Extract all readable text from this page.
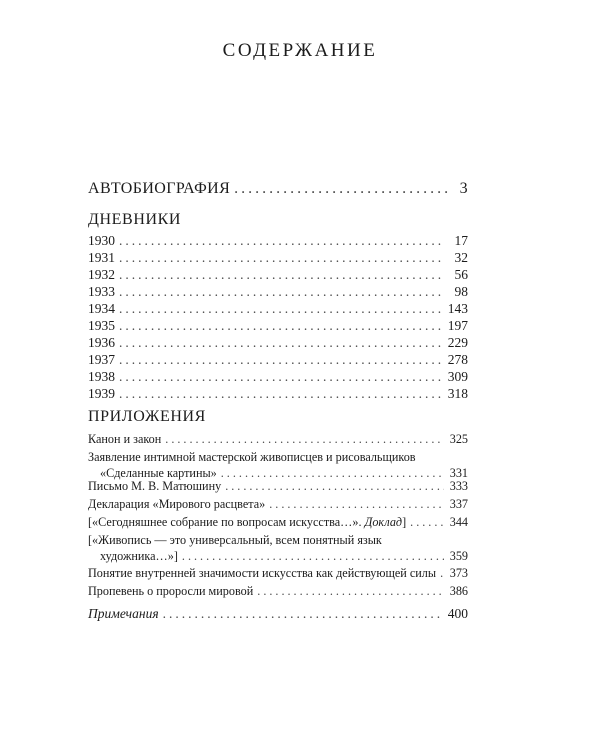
СОДЕРЖАНИЕ
АВТОБИОГРАФИЯ .....	3
ДНЕВНИКИ
1930 .....	17
1931 .....	32
1932 .....	56
1933 .....	98
1934 .....	143
1935 .....	197
1936 .....	229
1937 .....	278
1938 .....	309
1939 .....	318
ПРИЛОЖЕНИЯ
Канон и закон .....	325
Заявление интимной мастерской живописцев и рисовальщиков
«Сделанные картины» .....	331
Письмо М. В. Матюшину .....	333
Декларация «Мирового расцвета» .....	337
[«Сегодняшнее собрание по вопросам искусства…». Доклад] .....	344
[«Живопись — это универсальный, всем понятный язык
художника…»] .....	359
Понятие внутренней значимости искусства как действующей силы ..... 373
Пропевень о проросли мировой .....	386
Примечания .....	400
